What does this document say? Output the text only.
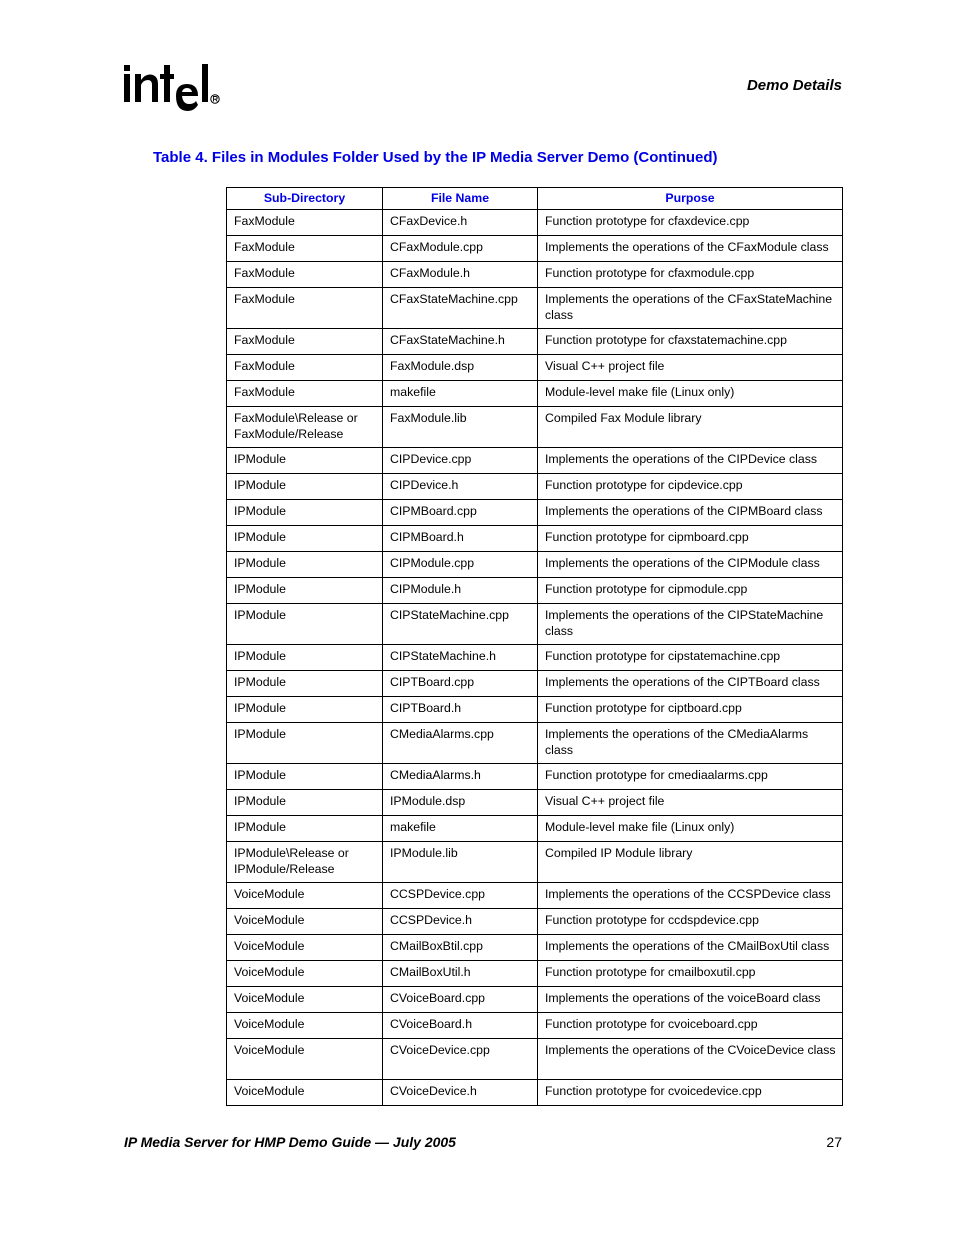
Demo Details
Table 4. Files in Modules Folder Used by the IP Media Server Demo (Continued)
Sub-Directory	File Name	Purpose
FaxModule	CFaxDevice.h	Function prototype for cfaxdevice.cpp
FaxModule	CFaxModule.cpp	Implements the operations of the CFaxModule class
FaxModule	CFaxModule.h	Function prototype for cfaxmodule.cpp
FaxModule	CFaxStateMachine.cpp	Implements the operations of the CFaxStateMachine class
FaxModule	CFaxStateMachine.h	Function prototype for cfaxstatemachine.cpp
FaxModule	FaxModule.dsp	Visual C++ project file
FaxModule	makefile	Module-level make file (Linux only)
FaxModule\Release or FaxModule/Release	FaxModule.lib	Compiled Fax Module library
IPModule	CIPDevice.cpp	Implements the operations of the CIPDevice class
IPModule	CIPDevice.h	Function prototype for cipdevice.cpp
IPModule	CIPMBoard.cpp	Implements the operations of the CIPMBoard class
IPModule	CIPMBoard.h	Function prototype for cipmboard.cpp
IPModule	CIPModule.cpp	Implements the operations of the CIPModule class
IPModule	CIPModule.h	Function prototype for cipmodule.cpp
IPModule	CIPStateMachine.cpp	Implements the operations of the CIPStateMachine class
IPModule	CIPStateMachine.h	Function prototype for cipstatemachine.cpp
IPModule	CIPTBoard.cpp	Implements the operations of the CIPTBoard class
IPModule	CIPTBoard.h	Function prototype for ciptboard.cpp
IPModule	CMediaAlarms.cpp	Implements the operations of the CMediaAlarms class
IPModule	CMediaAlarms.h	Function prototype for cmediaalarms.cpp
IPModule	IPModule.dsp	Visual C++ project file
IPModule	makefile	Module-level make file (Linux only)
IPModule\Release or IPModule/Release	IPModule.lib	Compiled IP Module library
VoiceModule	CCSPDevice.cpp	Implements the operations of the CCSPDevice class
VoiceModule	CCSPDevice.h	Function prototype for ccdspdevice.cpp
VoiceModule	CMailBoxBtil.cpp	Implements the operations of the CMailBoxUtil class
VoiceModule	CMailBoxUtil.h	Function prototype for cmailboxutil.cpp
VoiceModule	CVoiceBoard.cpp	Implements the operations of the voiceBoard class
VoiceModule	CVoiceBoard.h	Function prototype for cvoiceboard.cpp
VoiceModule	CVoiceDevice.cpp	Implements the operations of the CVoiceDevice class
VoiceModule	CVoiceDevice.h	Function prototype for cvoicedevice.cpp
IP Media Server for HMP Demo Guide — July 2005	27
